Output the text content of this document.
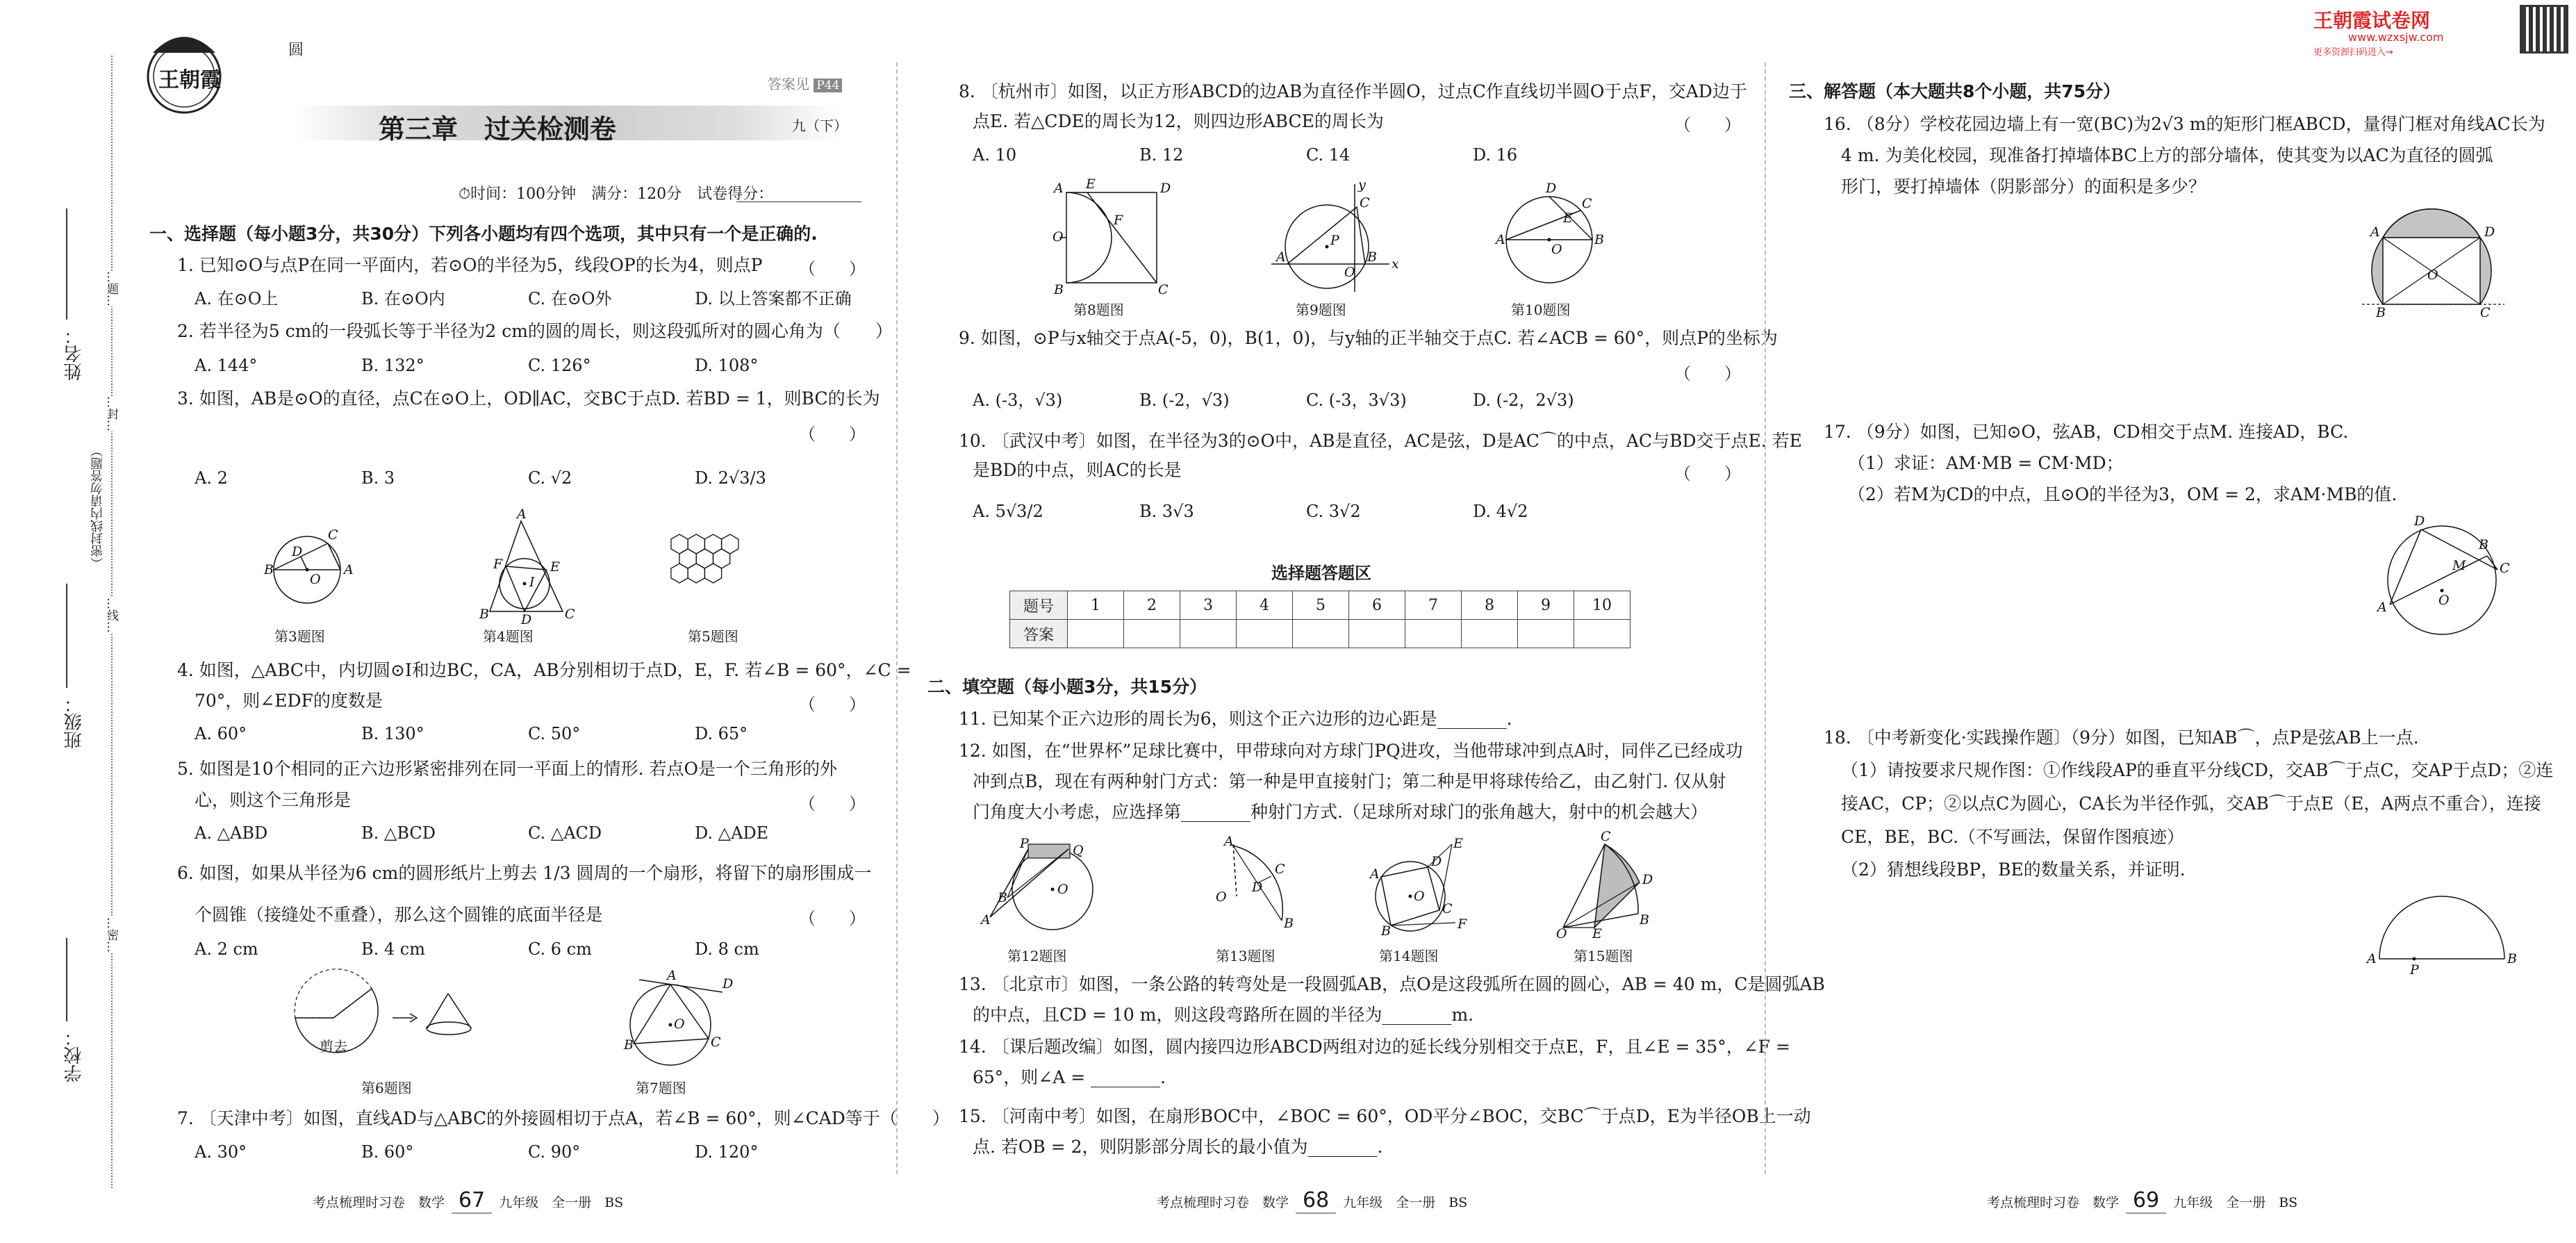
姓名：
班级：
学校：
（密封线内请勿答题）
…题…
…封…
…线…
…密…
王朝霞
圆
第三章　过关检测卷
答案见 P44
九（下）
⏱时间：100分钟　满分：120分　试卷得分：
一、选择题（每小题3分，共30分）下列各小题均有四个选项，其中只有一个是正确的.
1. 已知⊙O与点P在同一平面内，若⊙O的半径为5，线段OP的长为4，则点P （　　）
A. 在⊙O上	B. 在⊙O内	C. 在⊙O外	D. 以上答案都不正确
2. 若半径为5 cm的一段弧长等于半径为2 cm的圆的周长，则这段弧所对的圆心角为（　　）
A. 144°	B. 132°	C. 126°	D. 108°
3. 如图，AB是⊙O的直径，点C在⊙O上，OD∥AC，交BC于点D. 若BD = 1，则BC的长为
（　　）
A. 2	B. 3	C. √2	D. 2√3/3
B	A
C
D
O
第3题图
A
B	C
F	E
D
I
第4题图	第5题图
4. 如图，△ABC中，内切圆⊙I和边BC，CA，AB分别相切于点D，E，F. 若∠B = 60°，∠C =
70°，则∠EDF的度数是	（　　）
A. 60°	B. 130°	C. 50°	D. 65°
5. 如图是10个相同的正六边形紧密排列在同一平面上的情形. 若点O是一个三角形的外
心，则这个三角形是	（　　）
A. △ABD	B. △BCD	C. △ACD	D. △ADE
6. 如图，如果从半径为6 cm的圆形纸片上剪去 1/3 圆周的一个扇形，将留下的扇形围成一
个圆锥（接缝处不重叠），那么这个圆锥的底面半径是	（　　）
A. 2 cm	B. 4 cm	C. 6 cm	D. 8 cm
剪去
第6题图
A
B	C
D
O
第7题图
7. 〔天津中考〕如图，直线AD与△ABC的外接圆相切于点A，若∠B = 60°，则∠CAD等于（　　）
A. 30°	B. 60°	C. 90°	D. 120°
考点梳理时习卷　数学 67 九年级　全一册　BS
8. 〔杭州市〕如图，以正方形ABCD的边AB为直径作半圆O，过点C作直线切半圆O于点F，交AD边于
点E. 若△CDE的周长为12，则四边形ABCE的周长为	（　　）
A. 10	B. 12	C. 14	D. 16
A E	D
F
O
B	C
第8题图
A
C
B
P
O
x
y
第9题图
D
C
E
A	B
O
第10题图
9. 如图，⊙P与x轴交于点A(-5，0)，B(1，0)，与y轴的正半轴交于点C. 若∠ACB = 60°，则点P的坐标为
（　　）
A. (-3，√3)	B. (-2，√3)	C. (-3，3√3)	D. (-2，2√3)
10. 〔武汉中考〕如图，在半径为3的⊙O中，AB是直径，AC是弦，D是AC⌒的中点，AC与BD交于点E. 若E
是BD的中点，则AC的长是	（　　）
A. 5√3/2	B. 3√3	C. 3√2	D. 4√2
选择题答题区
题号	1	2	3	4	5	6	7	8	9	10
答案										
二、填空题（每小题3分，共15分）
11. 已知某个正六边形的周长为6，则这个正六边形的边心距是________.
12. 如图，在“世界杯”足球比赛中，甲带球向对方球门PQ进攻，当他带球冲到点A时，同伴乙已经成功
冲到点B，现在有两种射门方式：第一种是甲直接射门；第二种是甲将球传给乙，由乙射门. 仅从射
门角度大小考虑，应选择第________种射门方式.（足球所对球门的张角越大，射中的机会越大）
P	Q
A
B
O
第12题图
A
C
D
O
B
第13题图
E
D
A
O
C
B	F
第14题图
C
D
O E
B
第15题图
13. 〔北京市〕如图，一条公路的转弯处是一段圆弧AB，点O是这段弧所在圆的圆心，AB = 40 m，C是圆弧AB
的中点，且CD = 10 m，则这段弯路所在圆的半径为________m.
14. 〔课后题改编〕如图，圆内接四边形ABCD两组对边的延长线分别相交于点E，F，且∠E = 35°，∠F =
65°，则∠A = ________.
15. 〔河南中考〕如图，在扇形BOC中，∠BOC = 60°，OD平分∠BOC，交BC⌒于点D，E为半径OB上一动
点. 若OB = 2，则阴影部分周长的最小值为________.
考点梳理时习卷　数学 68 九年级　全一册　BS
王朝霞试卷网
www.wzxsjw.com
更多资源扫码进入→
三、解答题（本大题共8个小题，共75分）
16. （8分）学校花园边墙上有一宽(BC)为2√3 m的矩形门框ABCD，量得门框对角线AC长为
4 m. 为美化校园，现准备打掉墙体BC上方的部分墙体，使其变为以AC为直径的圆弧
形门，要打掉墙体（阴影部分）的面积是多少？
A	D
O
B	C
17. （9分）如图，已知⊙O，弦AB，CD相交于点M. 连接AD，BC.
（1）求证：AM·MB = CM·MD；
（2）若M为CD的中点，且⊙O的半径为3，OM = 2，求AM·MB的值.
D
B
C
M
A	O
18. 〔中考新变化·实践操作题〕（9分）如图，已知AB⌒，点P是弦AB上一点.
（1）请按要求尺规作图：①作线段AP的垂直平分线CD，交AB⌒于点C，交AP于点D；②连
接AC，CP；②以点C为圆心，CA长为半径作弧，交AB⌒于点E（E，A两点不重合），连接
CE，BE，BC.（不写画法，保留作图痕迹）
（2）猜想线段BP，BE的数量关系，并证明.
A	B
P
考点梳理时习卷　数学 69 九年级　全一册　BS
